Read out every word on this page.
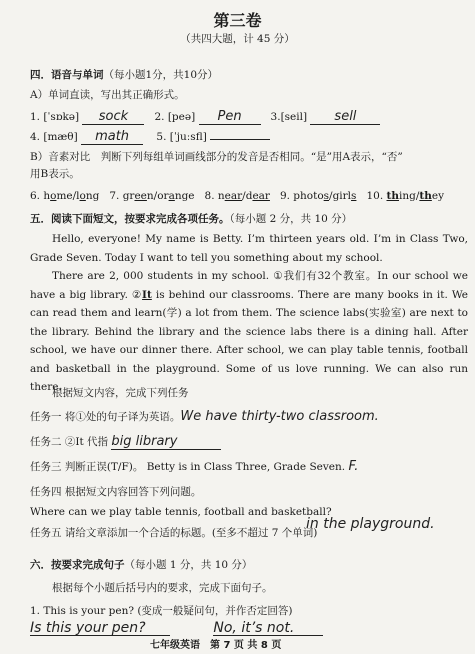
第三卷
（共四大题，计 45 分）
四．语音与单词（每小题1分，共10分）
A）单词直读，写出其正确形式。
1. [ˈsɒkə] sock	2. [peə] Pen	3.[seil] sell
4. [mæθ] math	5. [ˈjuːsfl]
B）音素对比　判断下列每组单词画线部分的发音是否相同。“是”用A表示，“否”
用B表示。
6. home/long 7. green/orange 8. near/dear 9. photos/girls 10. thing/they
五．阅读下面短文，按要求完成各项任务。（每小题 2 分，共 10 分）
Hello, everyone! My name is Betty. I’m thirteen years old. I’m in Class Two, Grade Seven. Today I want to tell you something about my school.
There are 2, 000 students in my school. ①我们有32个教室。In our school we have a big library. ②It is behind our classrooms. There are many books in it. We can read them and learn(学) a lot from them. The science labs(实验室) are next to the library. Behind the library and the science labs there is a dining hall. After school, we have our dinner there. After school, we can play table tennis, football and basketball in the playground. Some of us love running. We can also run there.
根据短文内容，完成下列任务
任务一 将①处的句子译为英语。We have thirty-two classroom.
任务二 ②It 代指 big library
任务三 判断正误(T/F)。 Betty is in Class Three, Grade Seven. F.
任务四 根据短文内容回答下列问题。
Where can we play table tennis, football and basketball?
任务五 请给文章添加一个合适的标题。(至多不超过 7 个单词)
in the playground.
六．按要求完成句子（每小题 1 分，共 10 分）
根据每个小题后括号内的要求，完成下面句子。
1. This is your pen? (变成一般疑问句，并作否定回答)
Is this your pen?	No, it’s not.
七年级英语　第 7 页 共 8 页
